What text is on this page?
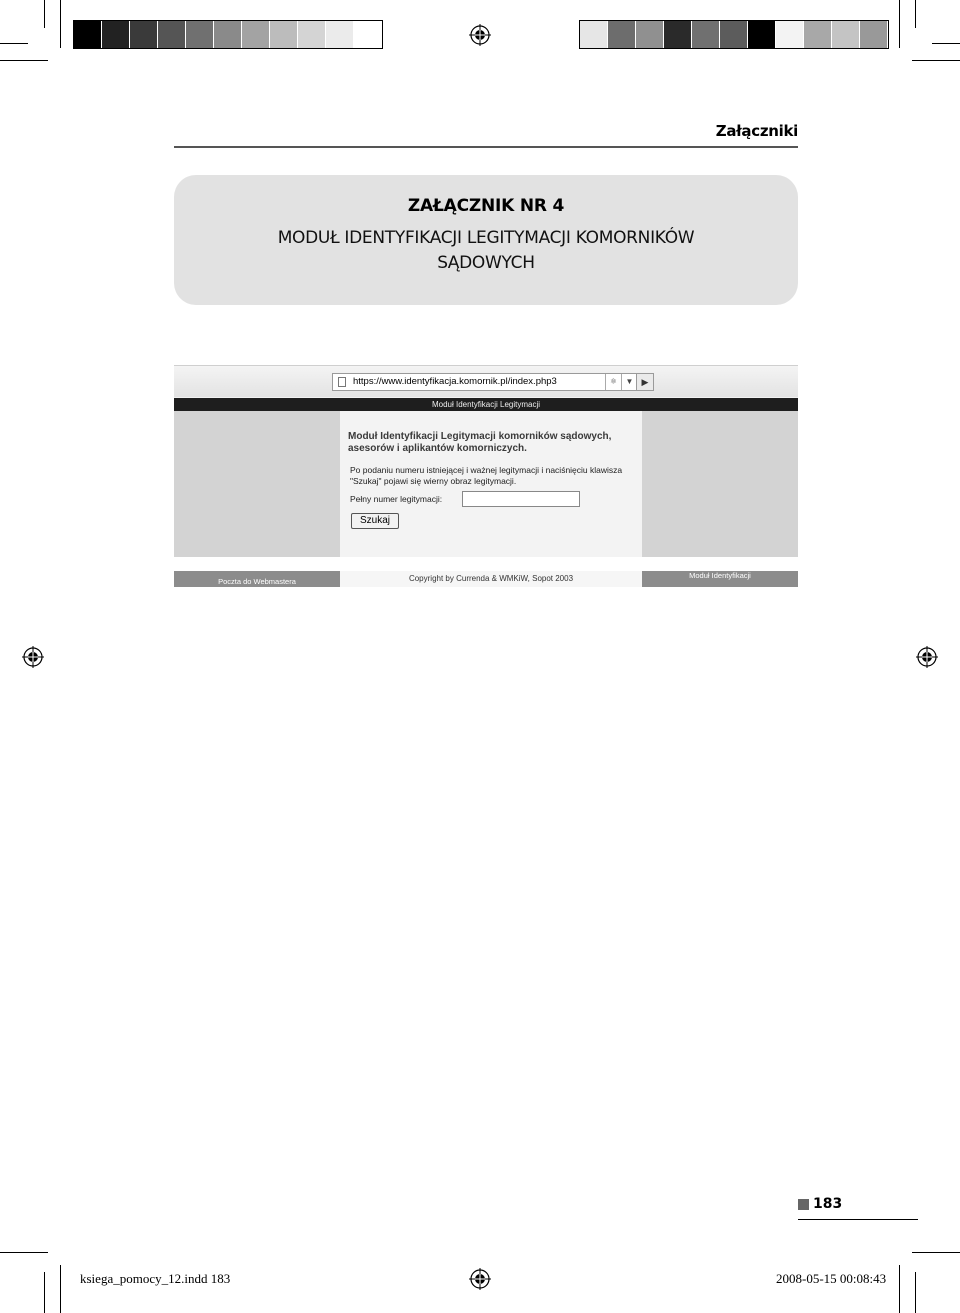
Załączniki
ZAŁĄCZNIK NR 4
MODUŁ IDENTYFIKACJI LEGITYMACJI KOMORNIKÓW
SĄDOWYCH
https://www.identyfikacja.komornik.pl/index.php3	⚛	▼ ▶
Moduł Identyfikacji Legitymacji
Moduł Identyfikacji Legitymacji komorników sądowych,
asesorów i aplikantów komorniczych.
Po podaniu numeru istniejącej i ważnej legitymacji i naciśnięciu klawisza
"Szukaj" pojawi się wierny obraz legitymacji.
Pełny numer legitymacji:
Szukaj
Poczta do Webmastera	Copyright by Currenda & WMKiW, Sopot 2003	Moduł Identyfikacji
183
ksiega_pomocy_12.indd 183	2008-05-15 00:08:43
